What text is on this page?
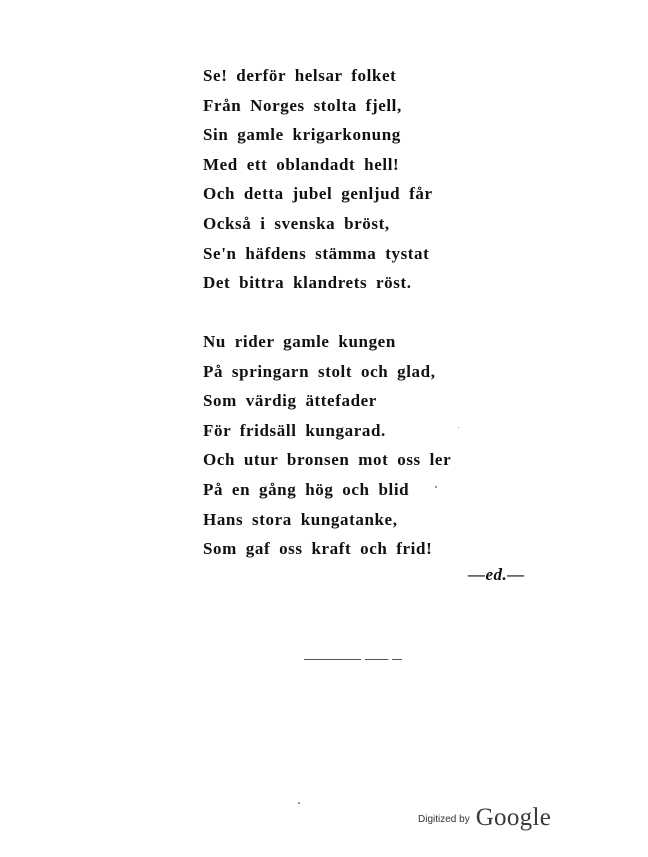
Se! derför helsar folket
Från Norges stolta fjell,
Sin gamle krigarkonung
Med ett oblandadt hell!
Och detta jubel genljud får
Också i svenska bröst,
Se'n häfdens stämma tystat
Det bittra klandrets röst.
Nu rider gamle kungen
På springarn stolt och glad,
Som värdig ättefader
För fridsäll kungarad.
Och utur bronsen mot oss ler
På en gång hög och blid
Hans stora kungatanke,
Som gaf oss kraft och frid!
—ed.—
Digitized by Google
